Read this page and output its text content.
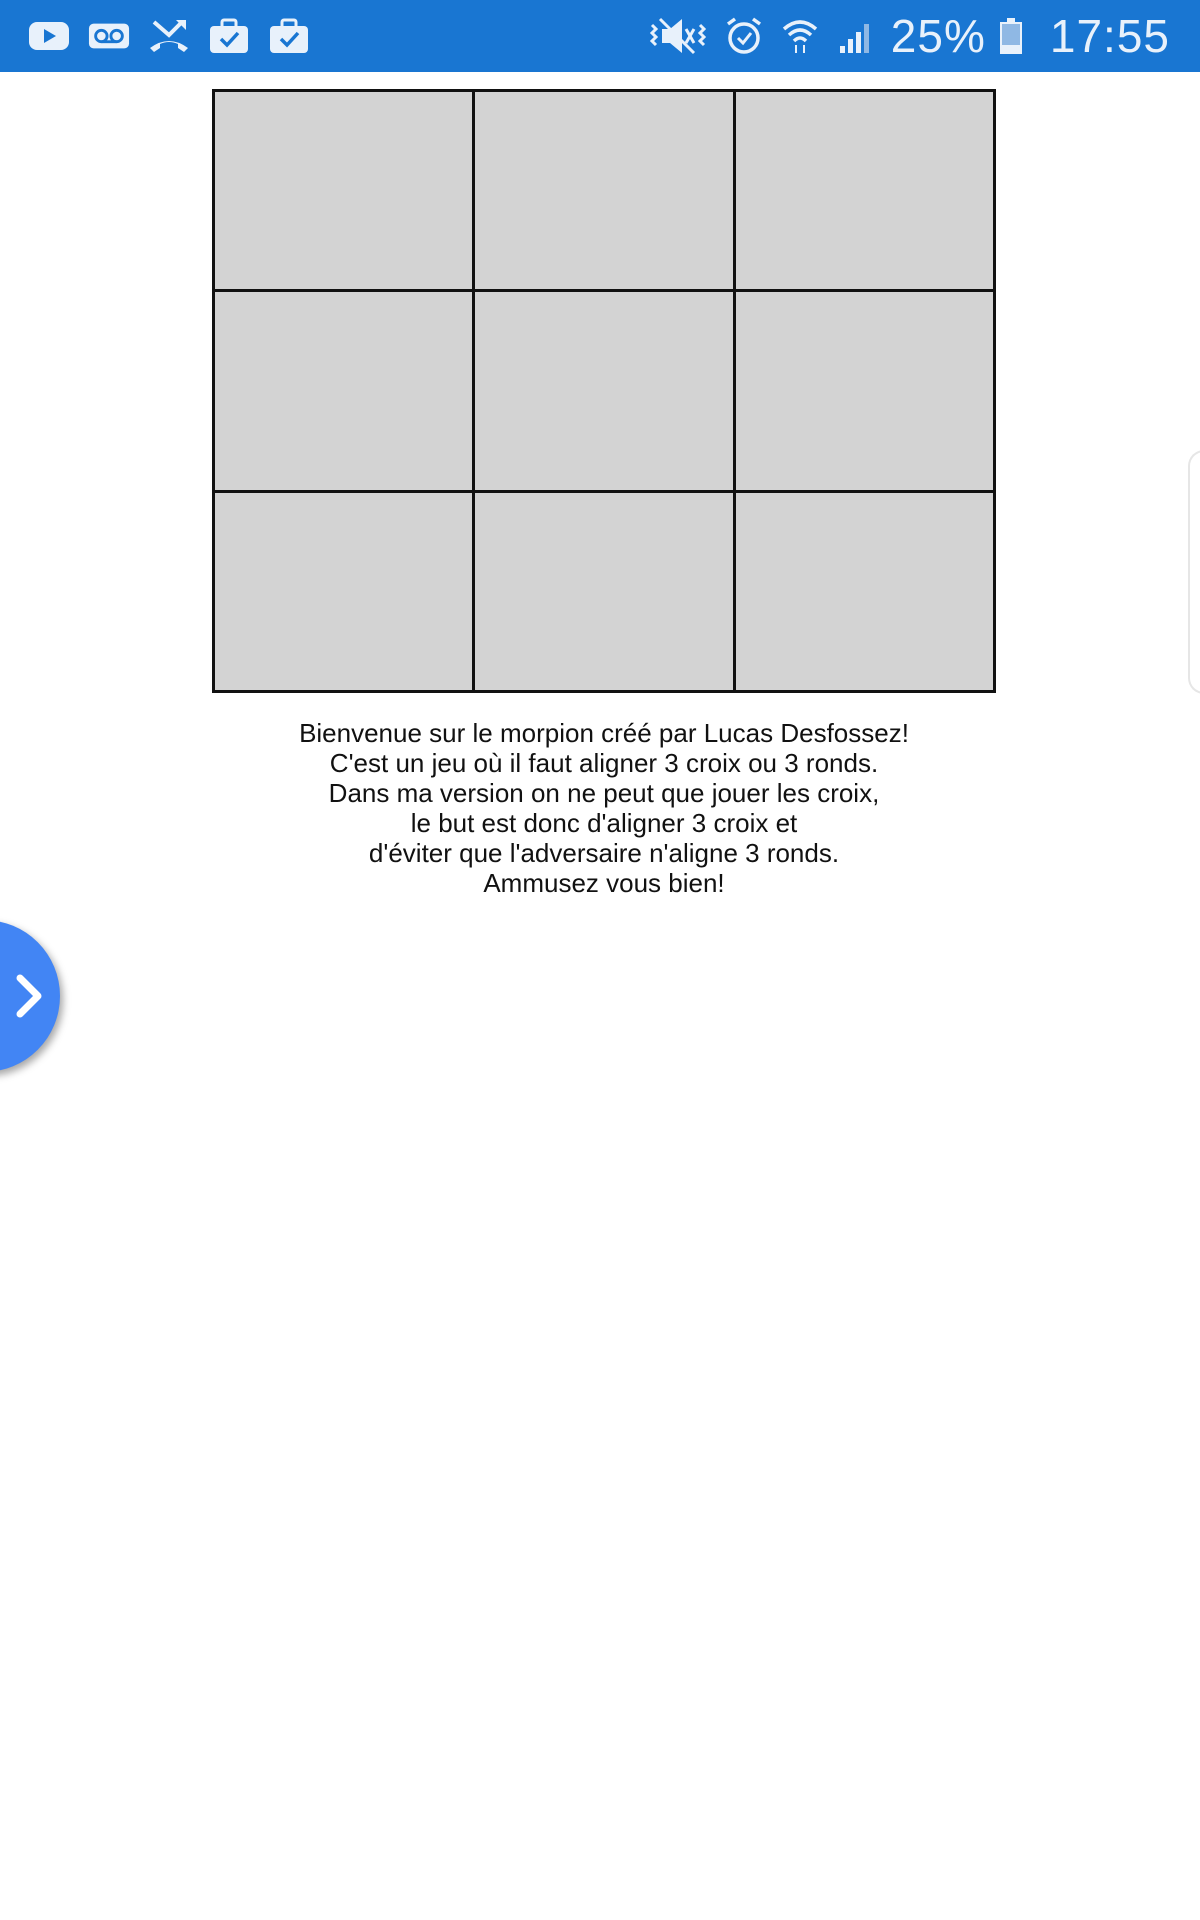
25% 17:55
Bienvenue sur le morpion créé par Lucas Desfossez!
C'est un jeu où il faut aligner 3 croix ou 3 ronds.
Dans ma version on ne peut que jouer les croix,
le but est donc d'aligner 3 croix et
d'éviter que l'adversaire n'aligne 3 ronds.
Ammusez vous bien!
